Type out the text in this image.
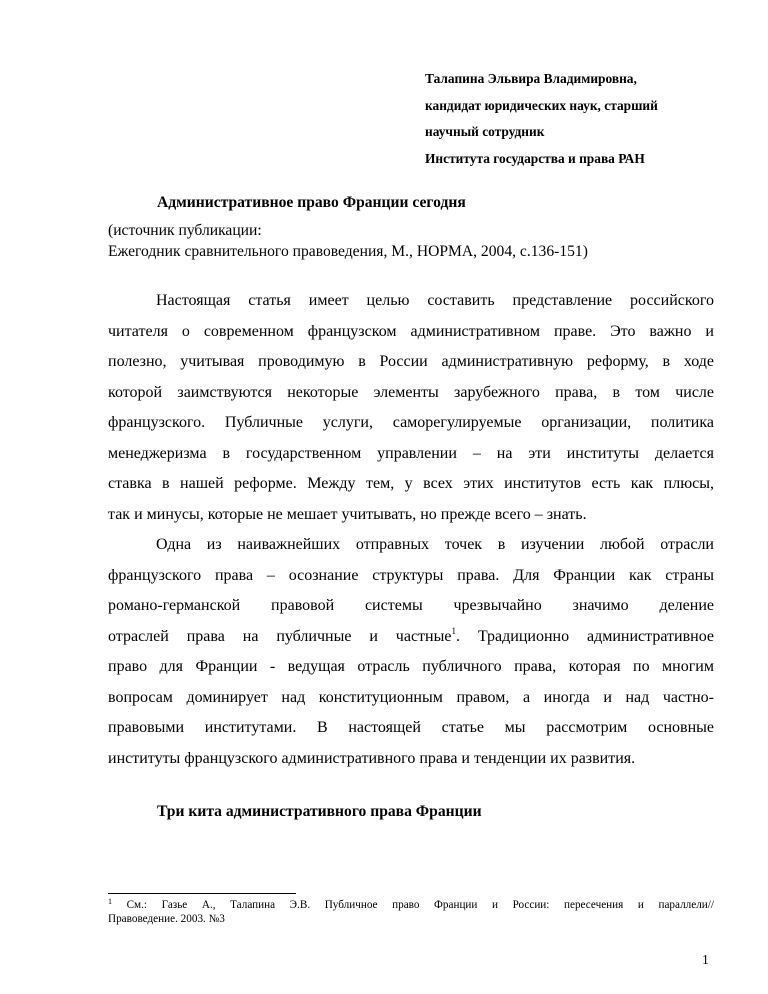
Талапина Эльвира Владимировна,
кандидат юридических наук, старший
научный сотрудник
Института государства и права РАН
Административное право Франции сегодня
(источник публикации:
Ежегодник сравнительного правоведения, М., НОРМА, 2004, с.136-151)
Настоящая статья имеет целью составить представление российского
читателя о современном французском административном праве. Это важно и
полезно, учитывая проводимую в России административную реформу, в ходе
которой заимствуются некоторые элементы зарубежного права, в том числе
французского. Публичные услуги, саморегулируемые организации, политика
менеджеризма в государственном управлении – на эти институты делается
ставка в нашей реформе. Между тем, у всех этих институтов есть как плюсы,
так и минусы, которые не мешает учитывать, но прежде всего – знать.
Одна из наиважнейших отправных точек в изучении любой отрасли
французского права – осознание структуры права. Для Франции как страны
романо-германской правовой системы чрезвычайно значимо деление
отраслей права на публичные и частные$^1$. Традиционно административное
право для Франции - ведущая отрасль публичного права, которая по многим
вопросам доминирует над конституционным правом, а иногда и над частно-
правовыми институтами. В настоящей статье мы рассмотрим основные
институты французского административного права и тенденции их развития.
Три кита административного права Франции
$^1$ См.: Газье А., Талапина Э.В. Публичное право Франции и России: пересечения и параллели//
Правоведение. 2003. №3
1
